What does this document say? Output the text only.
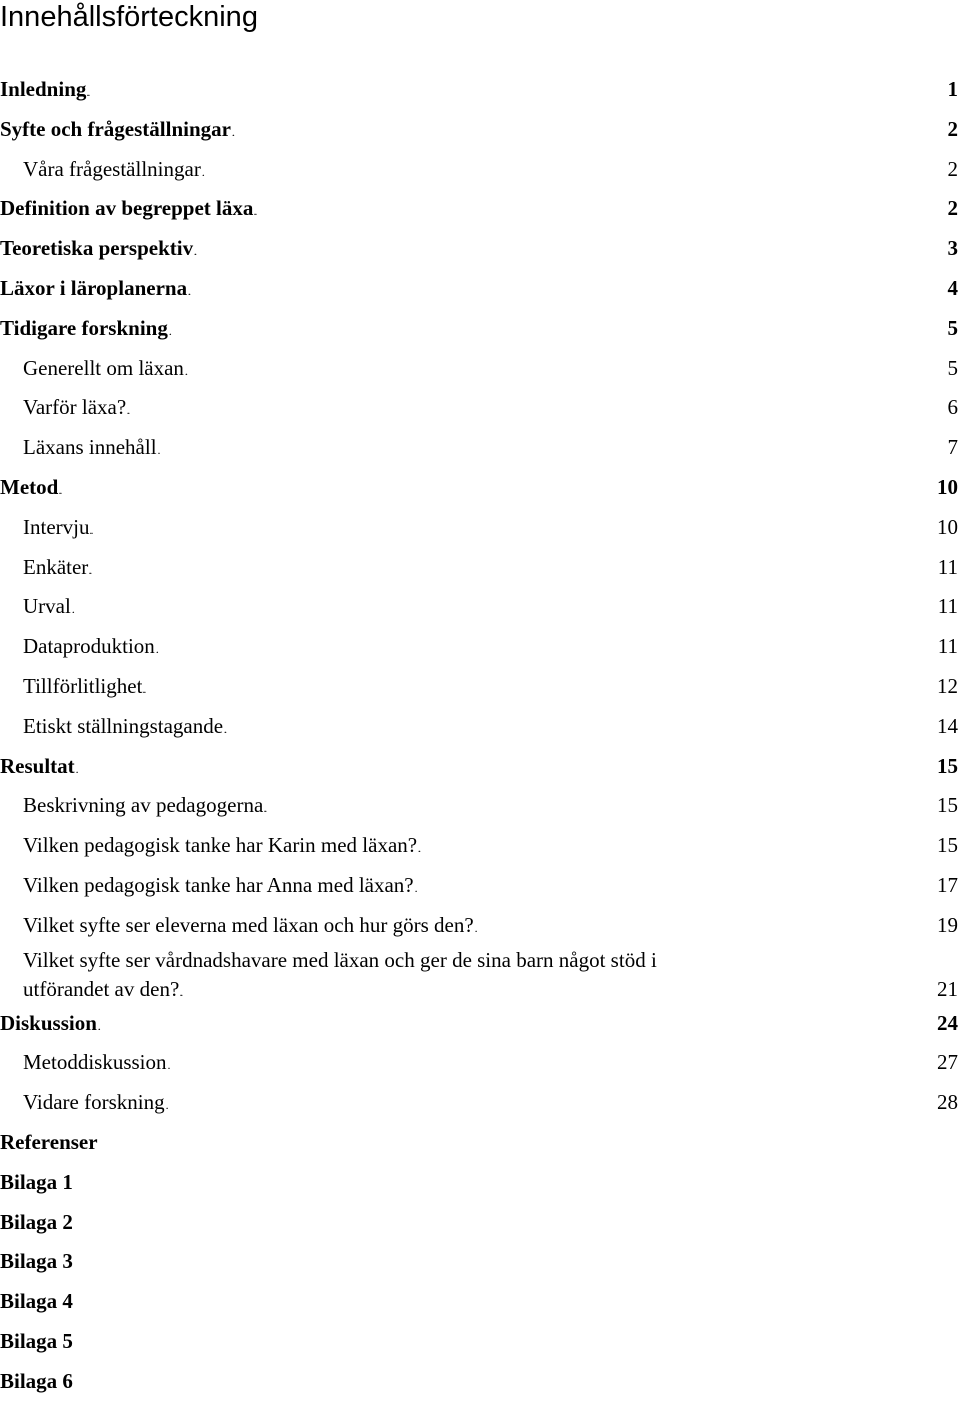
Innehållsförteckning
Inledning . . .	1
Syfte och frågeställningar . . .	2
Våra frågeställningar . . .	2
Definition av begreppet läxa . . .	2
Teoretiska perspektiv . . .	3
Läxor i läroplanerna . . .	4
Tidigare forskning . . .	5
Generellt om läxan . . .	5
Varför läxa? . . .	6
Läxans innehåll . . .	7
Metod . . .	10
Intervju . . .	10
Enkäter . . .	11
Urval . . .	11
Dataproduktion . . .	11
Tillförlitlighet . . .	12
Etiskt ställningstagande . . .	14
Resultat . . .	15
Beskrivning av pedagogerna . . .	15
Vilken pedagogisk tanke har Karin med läxan? . . .	15
Vilken pedagogisk tanke har Anna med läxan? . . .	17
Vilket syfte ser eleverna med läxan och hur görs den? . . .	19
Vilket syfte ser vårdnadshavare med läxan och ger de sina barn något stöd i
utförandet av den? . . .	21
Diskussion . . .	24
Metoddiskussion . . .	27
Vidare forskning . . .	28
Referenser
Bilaga 1
Bilaga 2
Bilaga 3
Bilaga 4
Bilaga 5
Bilaga 6
